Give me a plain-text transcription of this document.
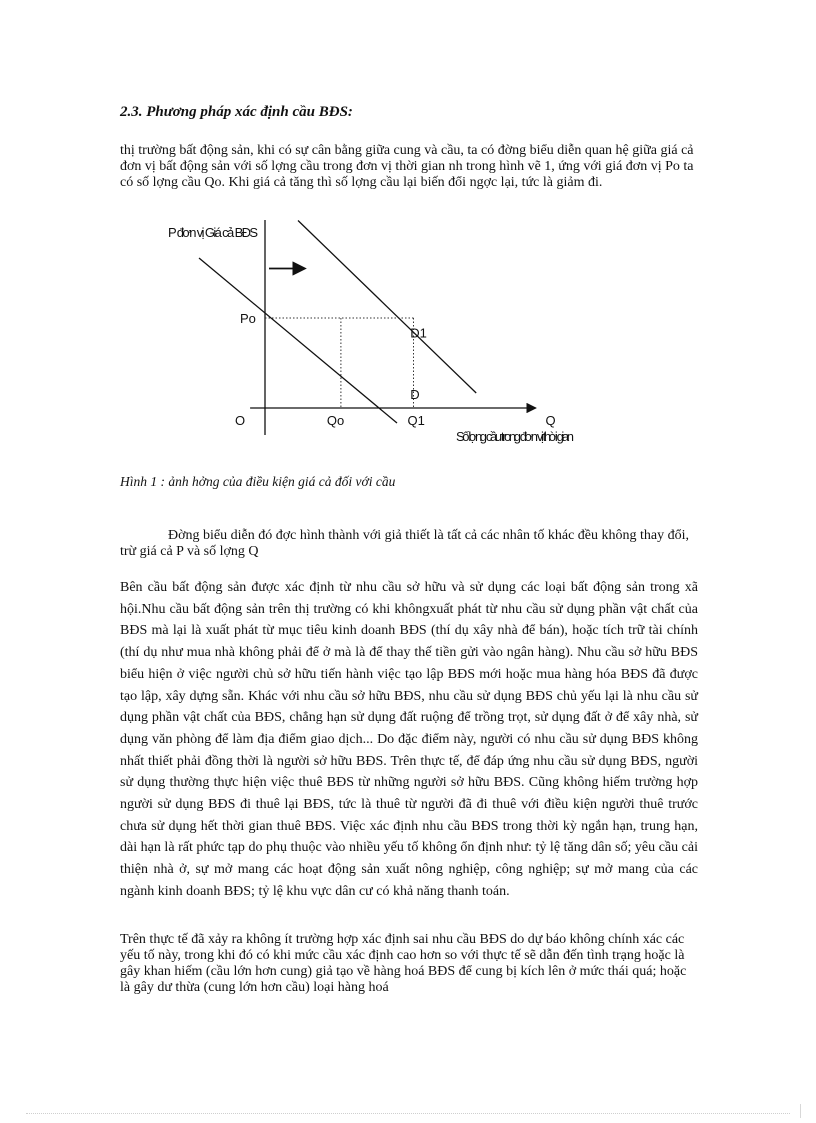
2.3. Phương pháp xác định cầu BĐS:
thị trường bất động sản, khi có sự cân bằng giữa cung và cầu, ta có đờng biểu diễn quan hệ giữa giá cả đơn vị bất động sản với số lợng cầu trong đơn vị thời gian nh trong hình vẽ 1, ứng với giá đơn vị Po ta có số lợng cầu Qo. Khi giá cả tăng thì số lợng cầu lại biến đổi ngợc lại, tức là giảm đi.
P đơn vị Giá cả BĐS
Số lợng cầu trong đơn vị thời gian
D
D1
O	Q
Po
Qo	Q1
Hình 1 : ảnh hởng của điều kiện giá cả đối với cầu
Đờng biểu diễn đó đợc hình thành với giả thiết là tất cả các nhân tố khác đều không thay đổi, trừ giá cả P và số lợng Q
Bên cầu bất động sản được xác định từ nhu cầu sở hữu và sử dụng các loại bất động sản trong xã hội.Nhu cầu bất động sản trên thị trường có khi khôngxuất phát từ nhu cầu sử dụng phần vật chất của BĐS mà lại là xuất phát từ mục tiêu kinh doanh BĐS (thí dụ xây nhà để bán), hoặc tích trữ tài chính (thí dụ như mua nhà không phải để ở mà là để thay thế tiền gửi vào ngân hàng). Nhu cầu sở hữu BĐS biểu hiện ở việc người chủ sở hữu tiến hành việc tạo lập BĐS mới hoặc mua hàng hóa BĐS đã được tạo lập, xây dựng sẵn. Khác với nhu cầu sở hữu BĐS, nhu cầu sử dụng BĐS chủ yếu lại là nhu cầu sử dụng phần vật chất của BĐS, chẳng hạn sử dụng đất ruộng để trồng trọt, sử dụng đất ở để xây nhà, sử dụng văn phòng để làm địa điểm giao dịch... Do đặc điểm này, người có nhu cầu sử dụng BĐS không nhất thiết phải đồng thời là người sở hữu BĐS. Trên thực tế, để đáp ứng nhu cầu sử dụng BĐS, người sử dụng thường thực hiện việc thuê BĐS từ những người sở hữu BĐS. Cũng không hiếm trường hợp người sử dụng BĐS đi thuê lại BĐS, tức là thuê từ người đã đi thuê với điều kiện người thuê trước chưa sử dụng hết thời gian thuê BĐS. Việc xác định nhu cầu BĐS trong thời kỳ ngắn hạn, trung hạn, dài hạn là rất phức tạp do phụ thuộc vào nhiều yếu tố không ổn định như: tỷ lệ tăng dân số; yêu cầu cải thiện nhà ở, sự mở mang các hoạt động sản xuất nông nghiệp, công nghiệp; sự mở mang của các ngành kinh doanh BĐS; tỷ lệ khu vực dân cư có khả năng thanh toán.
Trên thực tế đã xảy ra không ít trường hợp xác định sai nhu cầu BĐS do dự báo không chính xác các yếu tố này, trong khi đó có khi mức cầu xác định cao hơn so với thực tế sẽ dẫn đến tình trạng hoặc là gây khan hiếm (cầu lớn hơn cung) giả tạo về hàng hoá BĐS để cung bị kích lên ở mức thái quá; hoặc là gây dư thừa (cung lớn hơn cầu) loại hàng hoá
